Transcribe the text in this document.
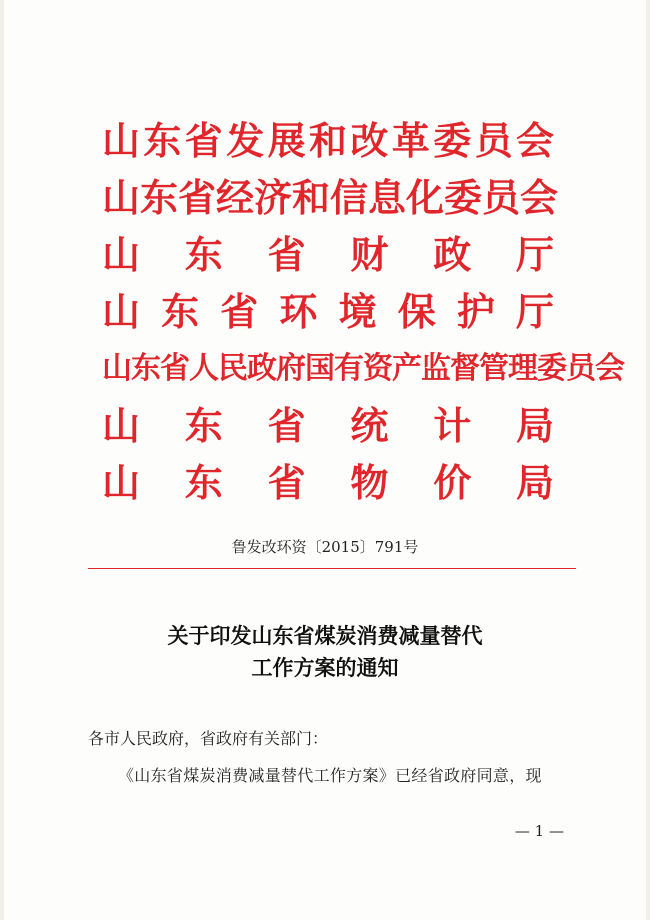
山东省发展和改革委员会
山东省经济和信息化委员会
山东省财政厅
山东省环境保护厅
山东省人民政府国有资产监督管理委员会
山东省统计局
山东省物价局
鲁发改环资〔2015〕791号
关于印发山东省煤炭消费减量替代
工作方案的通知
各市人民政府，省政府有关部门：
《山东省煤炭消费减量替代工作方案》已经省政府同意，现
— 1 —
